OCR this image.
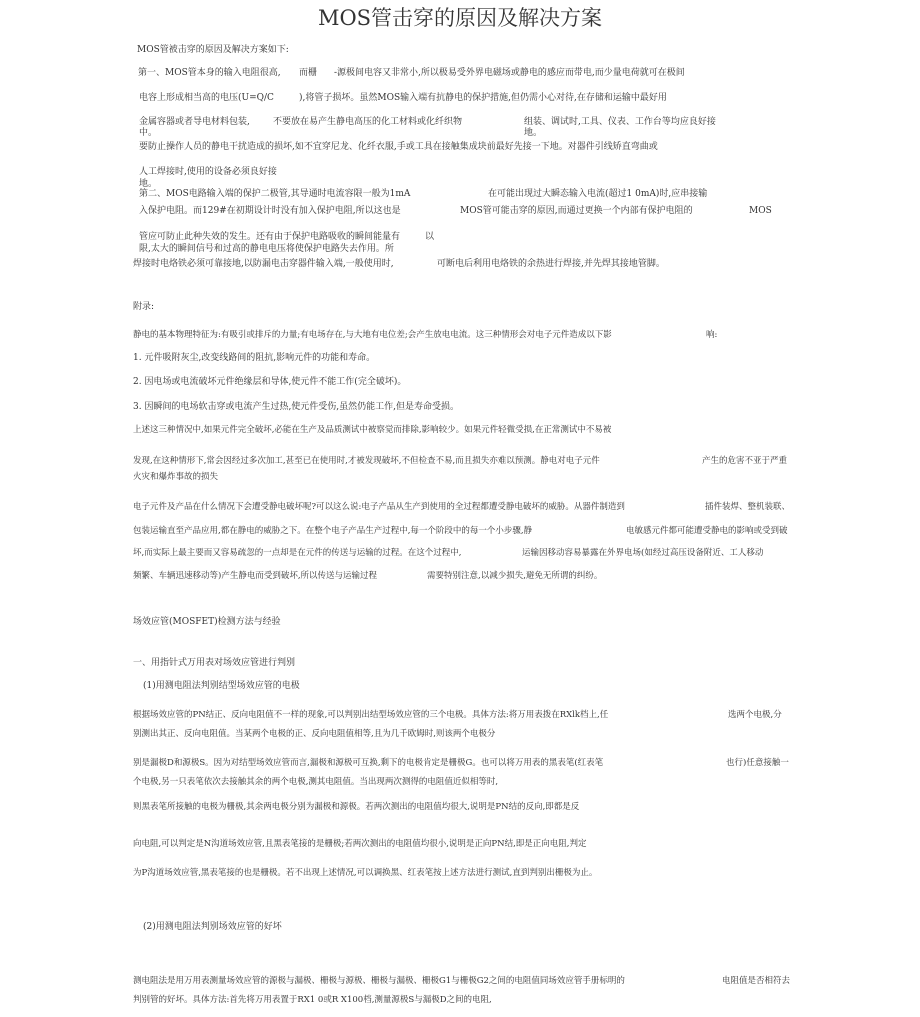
MOS管击穿的原因及解决方案
MOS管被击穿的原因及解决方案如下:
第一、MOS管本身的输入电阻很高, 而栅 -源极间电容又非常小,所以极易受外界电磁场或静电的感应而带电,而少量电荷就可在极间
电容上形成相当高的电压(U=Q/C	),将管子损坏。虽然MOS输入端有抗静电的保护措施,但仍需小心对待,在存储和运输中最好用
金属容器或者导电材料包装,	不要放在易产生静电高压的化工材料或化纤织物	组装、调试时,工具、仪表、工作台等均应良好接
中。	地。
要防止操作人员的静电干扰造成的损坏,如不宜穿尼龙、化纤衣服,手或工具在接触集成块前最好先接一下地。对器件引线矫直弯曲或
人工焊接时,使用的设备必须良好接
地。
第二、MOS电路输入端的保护二极管,其导通时电流容限一般为1mA	在可能出现过大瞬态输入电流(超过1 0mA)时,应串接输
入保护电阻。而129#在初期设计时没有加入保护电阻,所以这也是	MOS管可能击穿的原因,而通过更换一个内部有保护电阻的	MOS
管应可防止此种失效的发生。还有由于保护电路吸收的瞬间能量有	以
限,太大的瞬间信号和过高的静电电压将使保护电路失去作用。所
焊接时电烙铁必须可靠接地,以防漏电击穿器件输入端,一般使用时,	可断电后利用电烙铁的余热进行焊接,并先焊其接地管脚。
附录:
静电的基本物理特征为:有吸引或排斥的力量;有电场存在,与大地有电位差;会产生放电电流。这三种情形会对电子元件造成以下影	响:
1. 元件吸附灰尘,改变线路间的阻抗,影响元件的功能和寿命。
2. 因电场或电流破坏元件绝缘层和导体,使元件不能工作(完全破坏)。
3. 因瞬间的电场软击穿或电流产生过热,使元件受伤,虽然仍能工作,但是寿命受损。
上述这三种情况中,如果元件完全破坏,必能在生产及品质测试中被察觉而排除,影响较少。如果元件轻微受损,在正常测试中不易被
发现,在这种情形下,常会因经过多次加工,甚至已在使用时,才被发现破坏,不但检查不易,而且损失亦难以预测。静电对电子元件	产生的危害不亚于严重
火灾和爆炸事故的损失
电子元件及产品在什么情况下会遭受静电破坏呢?可以这么说:电子产品从生产到使用的全过程都遭受静电破坏的威胁。从器件制造到	插件装焊、整机装联、
包装运输直至产品应用,都在静电的威胁之下。在整个电子产品生产过程中,每一个阶段中的每一个小步骤,静	电敏感元件都可能遭受静电的影响或受到破
坏,而实际上最主要而又容易疏忽的一点却是在元件的传送与运输的过程。在这个过程中,	运输因移动容易暴露在外界电场(如经过高压设备附近、工人移动
频繁、车辆迅速移动等)产生静电而受到破坏,所以传送与运输过程	需要特别注意,以减少损失,避免无所谓的纠纷。
场效应管(MOSFET)检测方法与经验
一、用指针式万用表对场效应管进行判别
(1)用测电阻法判别结型场效应管的电极
根据场效应管的PN结正、反向电阻值不一样的现象,可以判别出结型场效应管的三个电极。具体方法:将万用表拨在RXlk档上,任	选两个电极,分
别测出其正、反向电阻值。当某两个电极的正、反向电阻值相等,且为几千欧姆时,则该两个电极分
别是漏极D和源极S。因为对结型场效应管而言,漏极和源极可互换,剩下的电极肯定是栅极G。也可以将万用表的黑表笔(红表笔	也行)任意接触一
个电极,另一只表笔依次去接触其余的两个电极,测其电阻值。当出现两次测得的电阻值近似相等时,
则黑表笔所接触的电极为栅极,其余两电极分别为漏极和源极。若两次测出的电阻值均很大,说明是PN结的反向,即都是反
向电阻,可以判定是N沟道场效应管,且黑表笔接的是栅极;若两次测出的电阻值均很小,说明是正向PN结,即是正向电阻,判定
为P沟道场效应管,黑表笔接的也是栅极。若不出现上述情况,可以调换黑、红表笔按上述方法进行测试,直到判别出栅极为止。
(2)用测电阻法判别场效应管的好坏
测电阻法是用万用表测量场效应管的源极与漏极、栅极与源极、栅极与漏极、栅极G1与栅极G2之间的电阻值同场效应管手册标明的	电阻值是否相符去
判别管的好坏。具体方法:首先将万用表置于RX1 0或R X100档,测量源极S与漏极D之间的电阻,
